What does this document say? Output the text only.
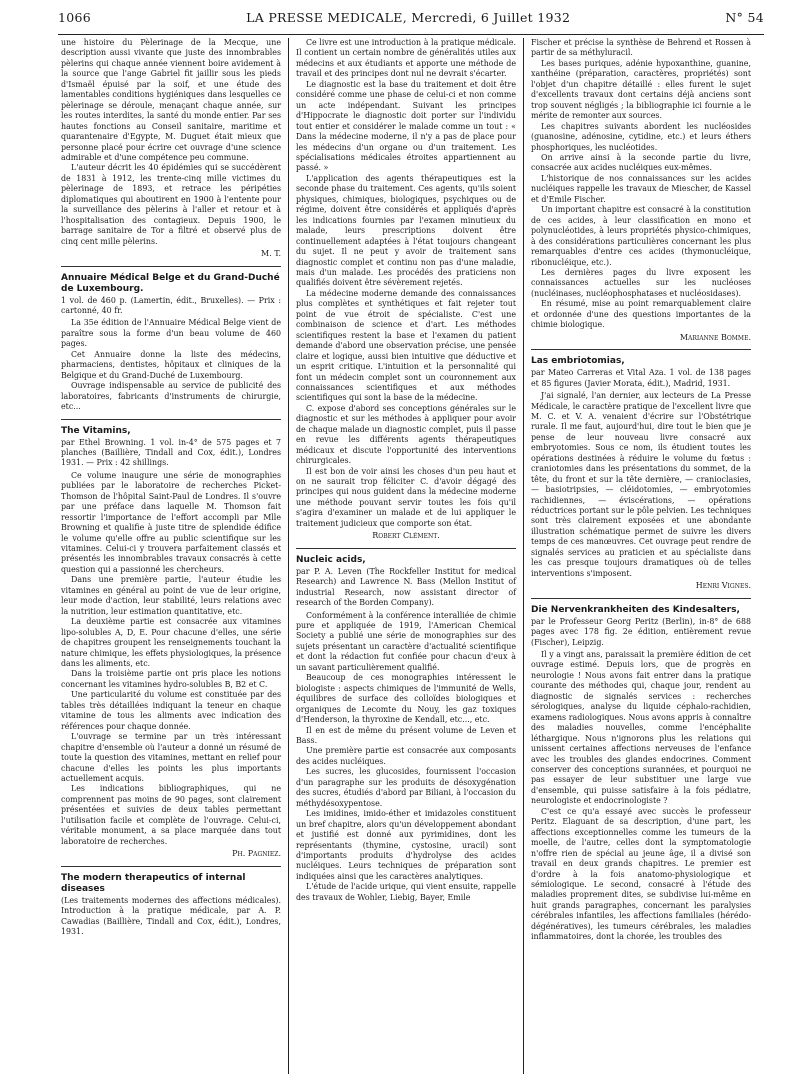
1066	LA PRESSE MEDICALE, Mercredi, 6 Juillet 1932	N° 54

une histoire du Pèlerinage de la Mecque, une description aussi vivante que juste des innombrables pèlerins qui chaque année viennent boire avidement à la source que l'ange Gabriel fit jaillir sous les pieds d'Ismaël épuisé par la soif, et une étude des lamentables conditions hygiéniques dans lesquelles ce pèlerinage se déroule, menaçant chaque année, sur les routes interdites, la santé du monde entier. Par ses hautes fonctions au Conseil sanitaire, maritime et quarantenaire d'Egypte, M. Duguet était mieux que personne placé pour écrire cet ouvrage d'une science admirable et d'une compétence peu commune.

L'auteur décrit les 40 épidémies qui se succédèrent de 1831 à 1912, les trente-cinq mille victimes du pèlerinage de 1893, et retrace les péripéties diplomatiques qui aboutirent en 1900 à l'entente pour la surveillance des pèlerins à l'aller et retour et à l'hospitalisation des contagieux. Depuis 1900, le barrage sanitaire de Tor a filtré et observé plus de cinq cent mille pèlerins.

M. T.
Annuaire Médical Belge et du Grand-Duché de Luxembourg.

1 vol. de 460 p. (Lamertin, édit., Bruxelles). — Prix : cartonné, 40 fr.

La 35e édition de l'Annuaire Médical Belge vient de paraître sous la forme d'un beau volume de 460 pages.

Cet Annuaire donne la liste des médecins, pharmaciens, dentistes, hôpitaux et cliniques de la Belgique et du Grand-Duché de Luxembourg.

Ouvrage indispensable au service de publicité des laboratoires, fabricants d'instruments de chirurgie, etc...

The Vitamins,

par Ethel Browning. 1 vol. in-4° de 575 pages et 7 planches (Baillière, Tindall and Cox, édit.), Londres 1931. — Prix : 42 shillings.

Ce volume inaugure une série de monographies publiées par le laboratoire de recherches Picket-Thomson de l'hôpital Saint-Paul de Londres. Il s'ouvre par une préface dans laquelle M. Thomson fait ressortir l'importance de l'effort accompli par Mlle Browning et qualifie à juste titre de splendide édifice le volume qu'elle offre au public scientifique sur les vitamines. Celui-ci y trouvera parfaitement classés et présentés les innombrables travaux consacrés à cette question qui a passionné les chercheurs.

Dans une première partie, l'auteur étudie les vitamines en général au point de vue de leur origine, leur mode d'action, leur stabilité, leurs relations avec la nutrition, leur estimation quantitative, etc.

La deuxième partie est consacrée aux vitamines lipo-solubles A, D, E. Pour chacune d'elles, une série de chapitres groupent les renseignements touchant la nature chimique, les effets physiologiques, la présence dans les aliments, etc.

Dans la troisième partie ont pris place les notions concernant les vitamines hydro-solubles B, B2 et C.

Une particularité du volume est constituée par des tables très détaillées indiquant la teneur en chaque vitamine de tous les aliments avec indication des références pour chaque donnée.

L'ouvrage se termine par un très intéressant chapitre d'ensemble où l'auteur a donné un résumé de toute la question des vitamines, mettant en relief pour chacune d'elles les points les plus importants actuellement acquis.

Les indications bibliographiques, qui ne comprennent pas moins de 90 pages, sont clairement présentées et suivies de deux tables permettant l'utilisation facile et complète de l'ouvrage. Celui-ci, véritable monument, a sa place marquée dans tout laboratoire de recherches.

Ph. Pagniez.
The modern therapeutics of internal diseases

(Les traitements modernes des affections médicales). Introduction à la pratique médicale, par A. P. Cawadias (Baillière, Tindall and Cox, édit.), Londres, 1931.

Ce livre est une introduction à la pratique médicale. Il contient un certain nombre de généralités utiles aux médecins et aux étudiants et apporte une méthode de travail et des principes dont nul ne devrait s'écarter.

Le diagnostic est la base du traitement et doit être considéré comme une phase de celui-ci et non comme un acte indépendant. Suivant les principes d'Hippocrate le diagnostic doit porter sur l'individu tout entier et considérer le malade comme un tout : « Dans la médecine moderne, il n'y a pas de place pour les médecins d'un organe ou d'un traitement. Les spécialisations médicales étroites appartiennent au passé. »

L'application des agents thérapeutiques est la seconde phase du traitement. Ces agents, qu'ils soient physiques, chimiques, biologiques, psychiques ou de régime, doivent être considérés et appliqués d'après les indications fournies par l'examen minutieux du malade, leurs prescriptions doivent être continuellement adaptées à l'état toujours changeant du sujet. Il ne peut y avoir de traitement sans diagnostic complet et continu non pas d'une maladie, mais d'un malade. Les procédés des praticiens non qualifiés doivent être sévèrement rejetés.

La médecine moderne demande des connaissances plus complètes et synthétiques et fait rejeter tout point de vue étroit de spécialiste. C'est une combinaison de science et d'art. Les méthodes scientifiques restent la base et l'examen du patient demande d'abord une observation précise, une pensée claire et logique, aussi bien intuitive que déductive et un esprit critique. L'intuition et la personnalité qui font un médecin complet sont un couronnement aux connaissances scientifiques et aux méthodes scientifiques qui sont la base de la médecine.

C. expose d'abord ses conceptions générales sur le diagnostic et sur les méthodes à appliquer pour avoir de chaque malade un diagnostic complet, puis il passe en revue les différents agents thérapeutiques médicaux et discute l'opportunité des interventions chirurgicales.

Il est bon de voir ainsi les choses d'un peu haut et on ne saurait trop féliciter C. d'avoir dégagé des principes qui nous guident dans la médecine moderne une méthode pouvant servir toutes les fois qu'il s'agira d'examiner un malade et de lui appliquer le traitement judicieux que comporte son état.

Robert Clément.
Nucleic acids,

par P. A. Leven (The Rockfeller Institut for medical Research) and Lawrence N. Bass (Mellon Institut of industrial Research, now assistant director of research of the Borden Company).

Conformément à la conférence interalliée de chimie pure et appliquée de 1919, l'American Chemical Society a publié une série de monographies sur des sujets présentant un caractère d'actualité scientifique et dont la rédaction fut confiée pour chacun d'eux à un savant particulièrement qualifié.

Beaucoup de ces monographies intéressent le biologiste : aspects chimiques de l'immunité de Wells, équilibres de surface des colloïdes biologiques et organiques de Lecomte du Nouy, les gaz toxiques d'Henderson, la thyroxine de Kendall, etc..., etc.

Il en est de même du présent volume de Leven et Bass.

Une première partie est consacrée aux composants des acides nucléiques.

Les sucres, les glucosides, fournissent l'occasion d'un paragraphe sur les produits de désoxygénation des sucres, étudiés d'abord par Biliani, à l'occasion du méthydésoxypentose.

Les imidines, imido-éther et imidazoles constituent un bref chapitre, alors qu'un développement abondant et justifié est donné aux pyrimidines, dont les représentants (thymine, cystosine, uracil) sont d'importants produits d'hydrolyse des acides nucléiques. Leurs techniques de préparation sont indiquées ainsi que les caractères analytiques.

L'étude de l'acide urique, qui vient ensuite, rappelle des travaux de Wohler, Liebig, Bayer, Emile

Fischer et précise la synthèse de Behrend et Rossen à partir de sa méthyluracil.

Les bases puriques, adénie hypoxanthine, guanine, xanthéine (préparation, caractères, propriétés) sont l'objet d'un chapitre détaillé : elles furent le sujet d'excellents travaux dont certains déjà anciens sont trop souvent négligés ; la bibliographie ici fournie a le mérite de remonter aux sources.

Les chapitres suivants abordent les nucléosides (guanosine, adénosine, cytidine, etc.) et leurs éthers phosphoriques, les nucléotides.

On arrive ainsi à la seconde partie du livre, consacrée aux acides nucléiques eux-mêmes.

L'historique de nos connaissances sur les acides nucléiques rappelle les travaux de Miescher, de Kassel et d'Emile Fischer.

Un important chapitre est consacré à la constitution de ces acides, à leur classification en mono et polynucléotides, à leurs propriétés physico-chimiques, à des considérations particulières concernant les plus remarquables d'entre ces acides (thymonucléique, ribonucléique, etc.).

Les dernières pages du livre exposent les connaissances actuelles sur les nucléoses (nucléinases, nucléophosphatases et nucléosidases).

En résumé, mise au point remarquablement claire et ordonnée d'une des questions importantes de la chimie biologique.

Marianne Bomme.
Las embriotomias,

par Mateo Carreras et Vital Aza. 1 vol. de 138 pages et 85 figures (Javier Morata, édit.), Madrid, 1931.

J'ai signalé, l'an dernier, aux lecteurs de La Presse Médicale, le caractère pratique de l'excellent livre que M. C. et V. A. venaient d'écrire sur l'Obstétrique rurale. Il me faut, aujourd'hui, dire tout le bien que je pense de leur nouveau livre consacré aux embryotomies. Sous ce nom, ils étudient toutes les opérations destinées à réduire le volume du fœtus : craniotomies dans les présentations du sommet, de la tête, du front et sur la tête dernière, — cranioclasies, — basiotripsies, — cléidotomies, — embryotomies rachidiennes, — éviscérations, — opérations réductrices portant sur le pôle pelvien. Les techniques sont très clairement exposées et une abondante illustration schématique permet de suivre les divers temps de ces manœuvres. Cet ouvrage peut rendre de signalés services au praticien et au spécialiste dans les cas presque toujours dramatiques où de telles interventions s'imposent.

Henri Vignes.
Die Nervenkrankheiten des Kindesalters,

par le Professeur Georg Peritz (Berlin), in-8° de 688 pages avec 178 fig. 2e édition, entièrement revue (Fischer), Leipzig.

Il y a vingt ans, paraissait la première édition de cet ouvrage estimé. Depuis lors, que de progrès en neurologie ! Nous avons fait entrer dans la pratique courante des méthodes qui, chaque jour, rendent au diagnostic de signalés services : recherches sérologiques, analyse du liquide céphalo-rachidien, examens radiologiques. Nous avons appris à connaître des maladies nouvelles, comme l'encéphalite léthargique. Nous n'ignorons plus les relations qui unissent certaines affections nerveuses de l'enfance avec les troubles des glandes endocrines. Comment conserver des conceptions surannées, et pourquoi ne pas essayer de leur substituer une large vue d'ensemble, qui puisse satisfaire à la fois pédiatre, neurologiste et endocrinologiste ?

C'est ce qu'a essayé avec succès le professeur Peritz. Elaguant de sa description, d'une part, les affections exceptionnelles comme les tumeurs de la moelle, de l'autre, celles dont la symptomatologie n'offre rien de spécial au jeune âge, il a divisé son travail en deux grands chapitres. Le premier est d'ordre à la fois anatomo-physiologique et sémiologique. Le second, consacré à l'étude des maladies proprement dites, se subdivise lui-même en huit grands paragraphes, concernant les paralysies cérébrales infantiles, les affections familiales (hérédo-dégénératives), les tumeurs cérébrales, les maladies inflammatoires, dont la chorée, les troubles des
